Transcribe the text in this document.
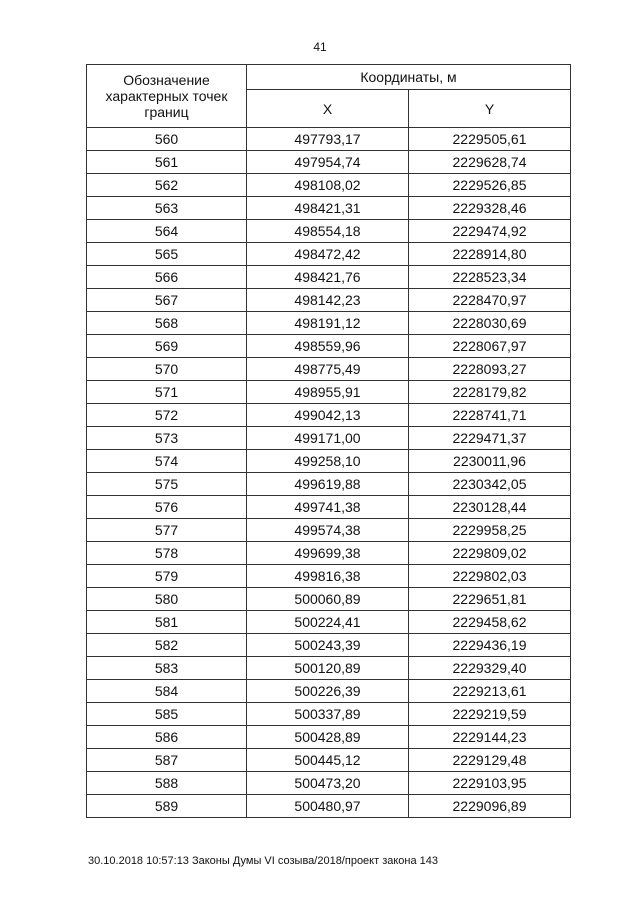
41
Обозначение характерных точек границ	Координаты, м	
	X	Y
560	497793,17	2229505,61
561	497954,74	2229628,74
562	498108,02	2229526,85
563	498421,31	2229328,46
564	498554,18	2229474,92
565	498472,42	2228914,80
566	498421,76	2228523,34
567	498142,23	2228470,97
568	498191,12	2228030,69
569	498559,96	2228067,97
570	498775,49	2228093,27
571	498955,91	2228179,82
572	499042,13	2228741,71
573	499171,00	2229471,37
574	499258,10	2230011,96
575	499619,88	2230342,05
576	499741,38	2230128,44
577	499574,38	2229958,25
578	499699,38	2229809,02
579	499816,38	2229802,03
580	500060,89	2229651,81
581	500224,41	2229458,62
582	500243,39	2229436,19
583	500120,89	2229329,40
584	500226,39	2229213,61
585	500337,89	2229219,59
586	500428,89	2229144,23
587	500445,12	2229129,48
588	500473,20	2229103,95
589	500480,97	2229096,89
30.10.2018 10:57:13 Законы Думы VI созыва/2018/проект закона 143
